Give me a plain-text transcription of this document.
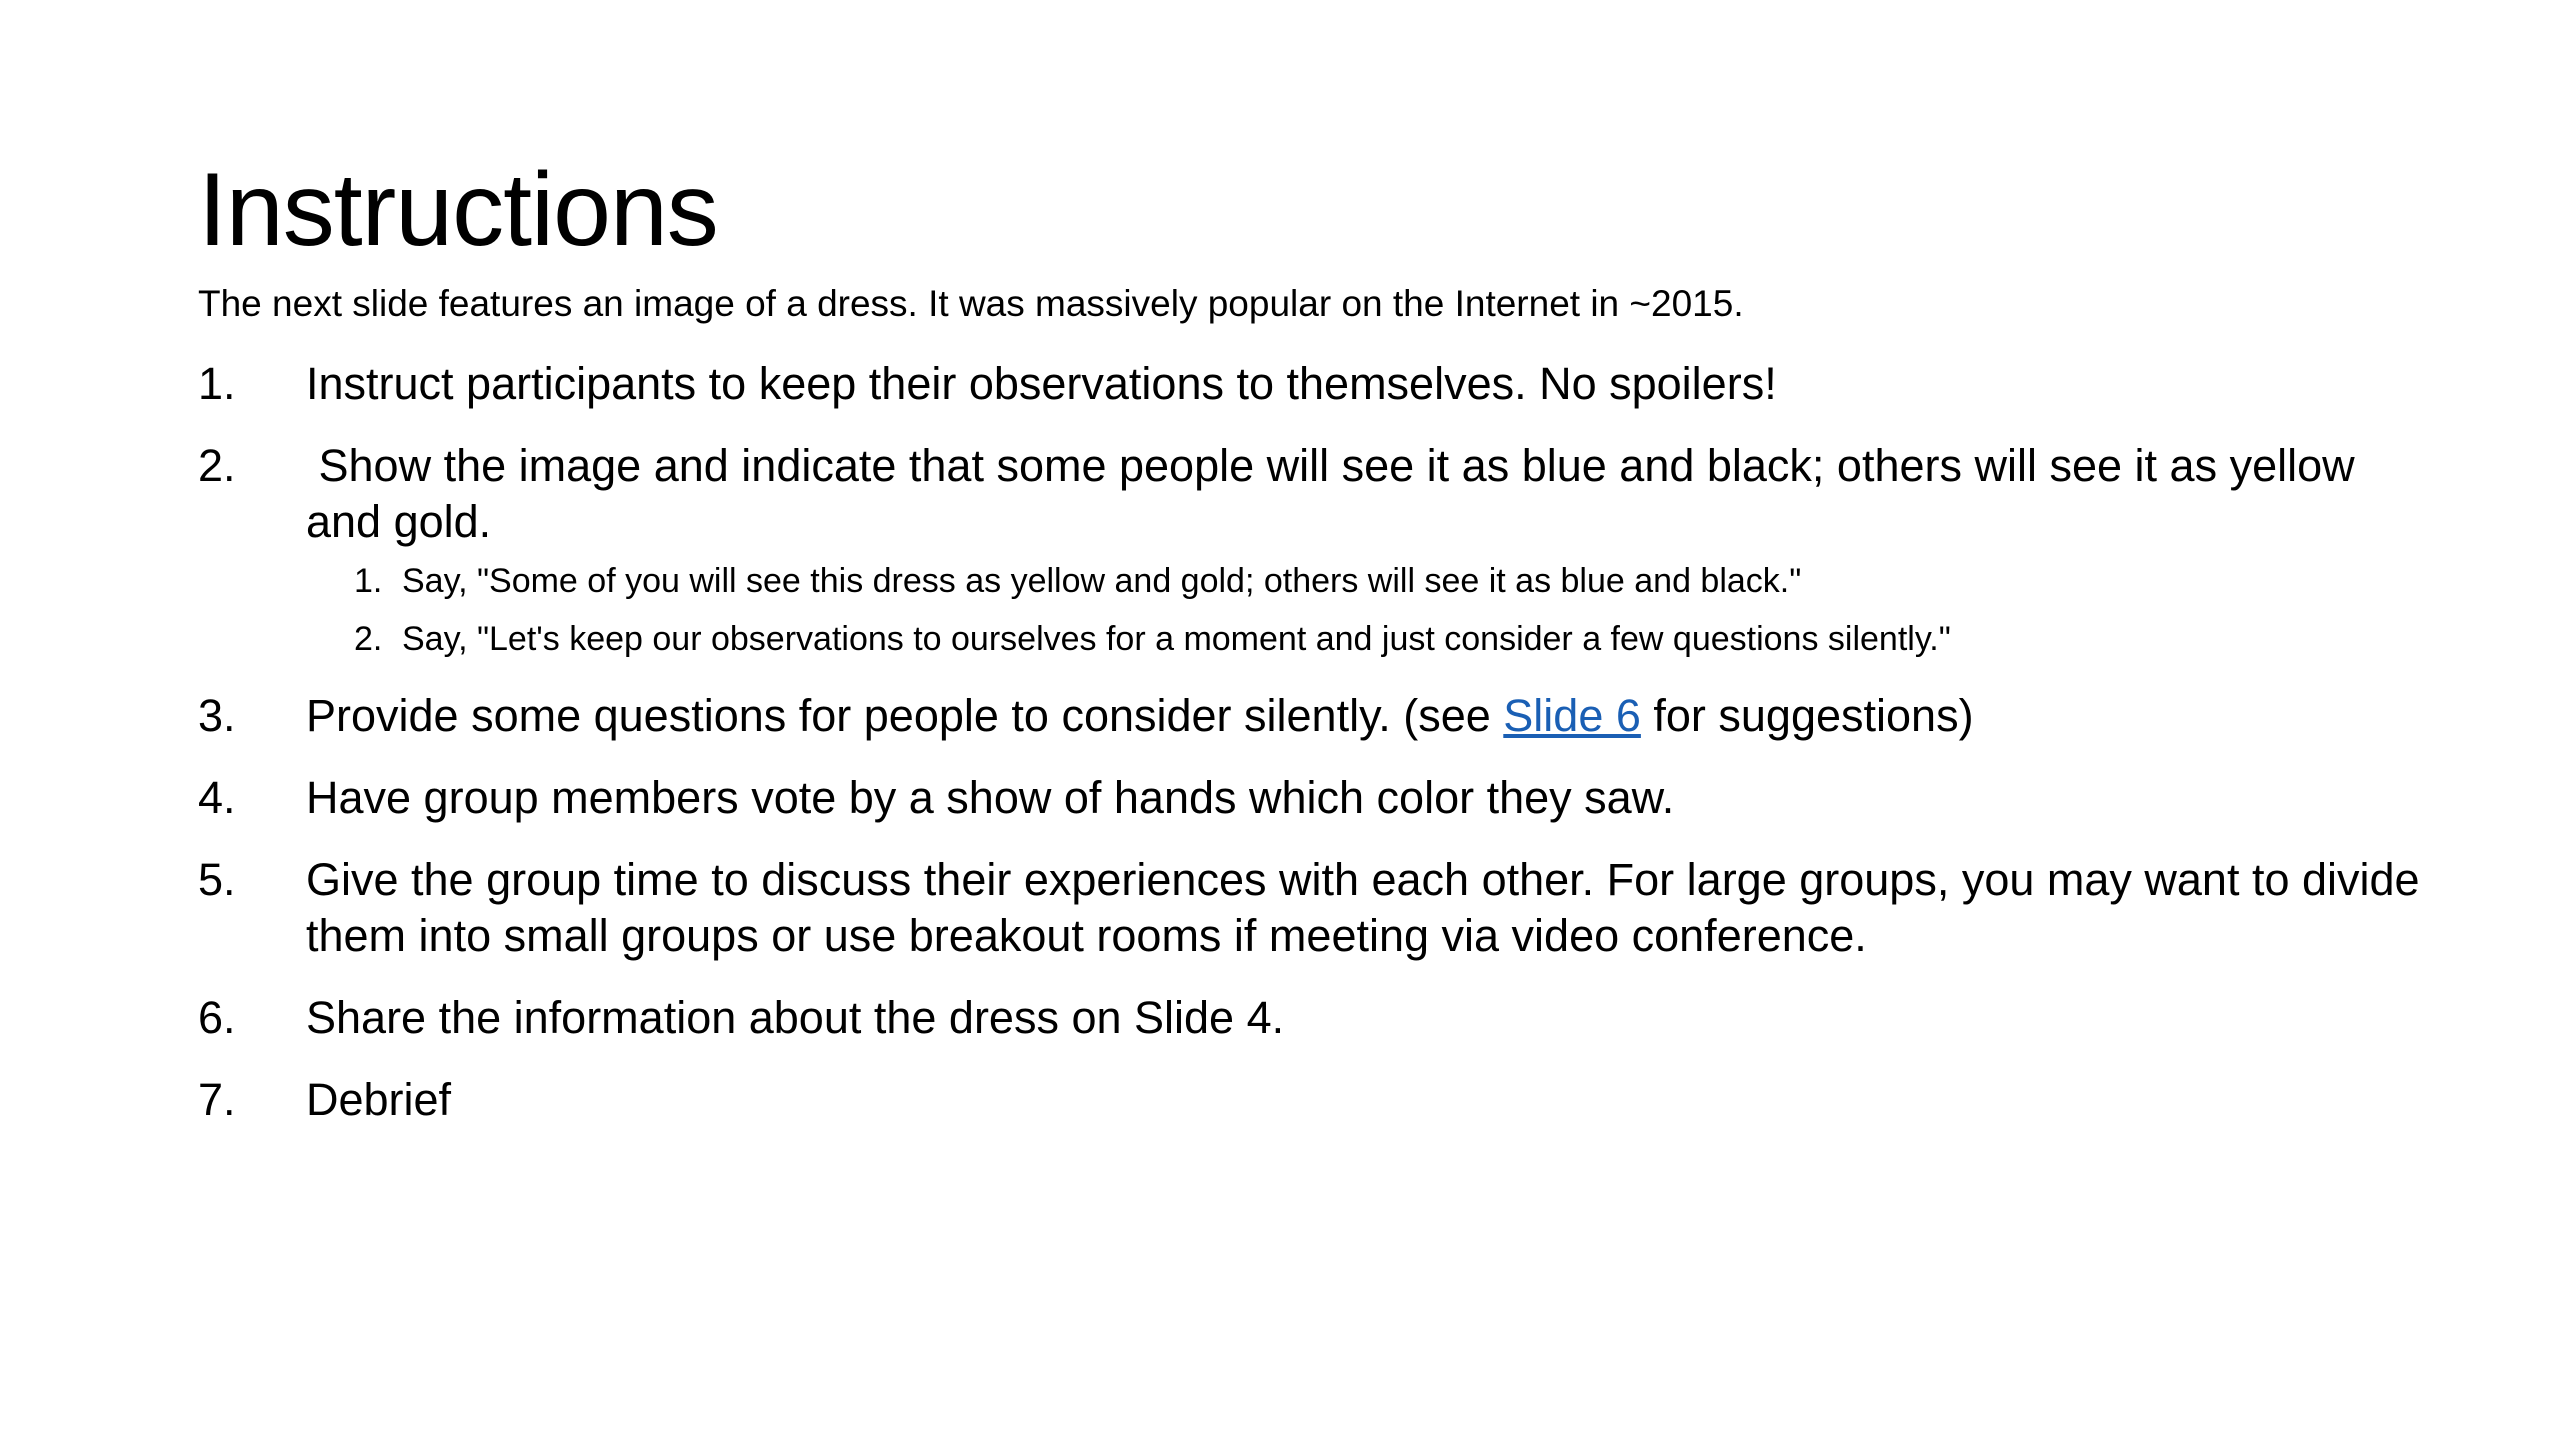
Instructions
The next slide features an image of a dress. It was massively popular on the Internet in ~2015.
1. Instruct participants to keep their observations to themselves. No spoilers!
2. Show the image and indicate that some people will see it as blue and black; others will see it as yellow and gold.
1. Say, "Some of you will see this dress as yellow and gold; others will see it as blue and black."
2. Say, "Let's keep our observations to ourselves for a moment and just consider a few questions silently."
3. Provide some questions for people to consider silently. (see Slide 6 for suggestions)
4. Have group members vote by a show of hands which color they saw.
5. Give the group time to discuss their experiences with each other. For large groups, you may want to divide them into small groups or use breakout rooms if meeting via video conference.
6. Share the information about the dress on Slide 4.
7. Debrief
